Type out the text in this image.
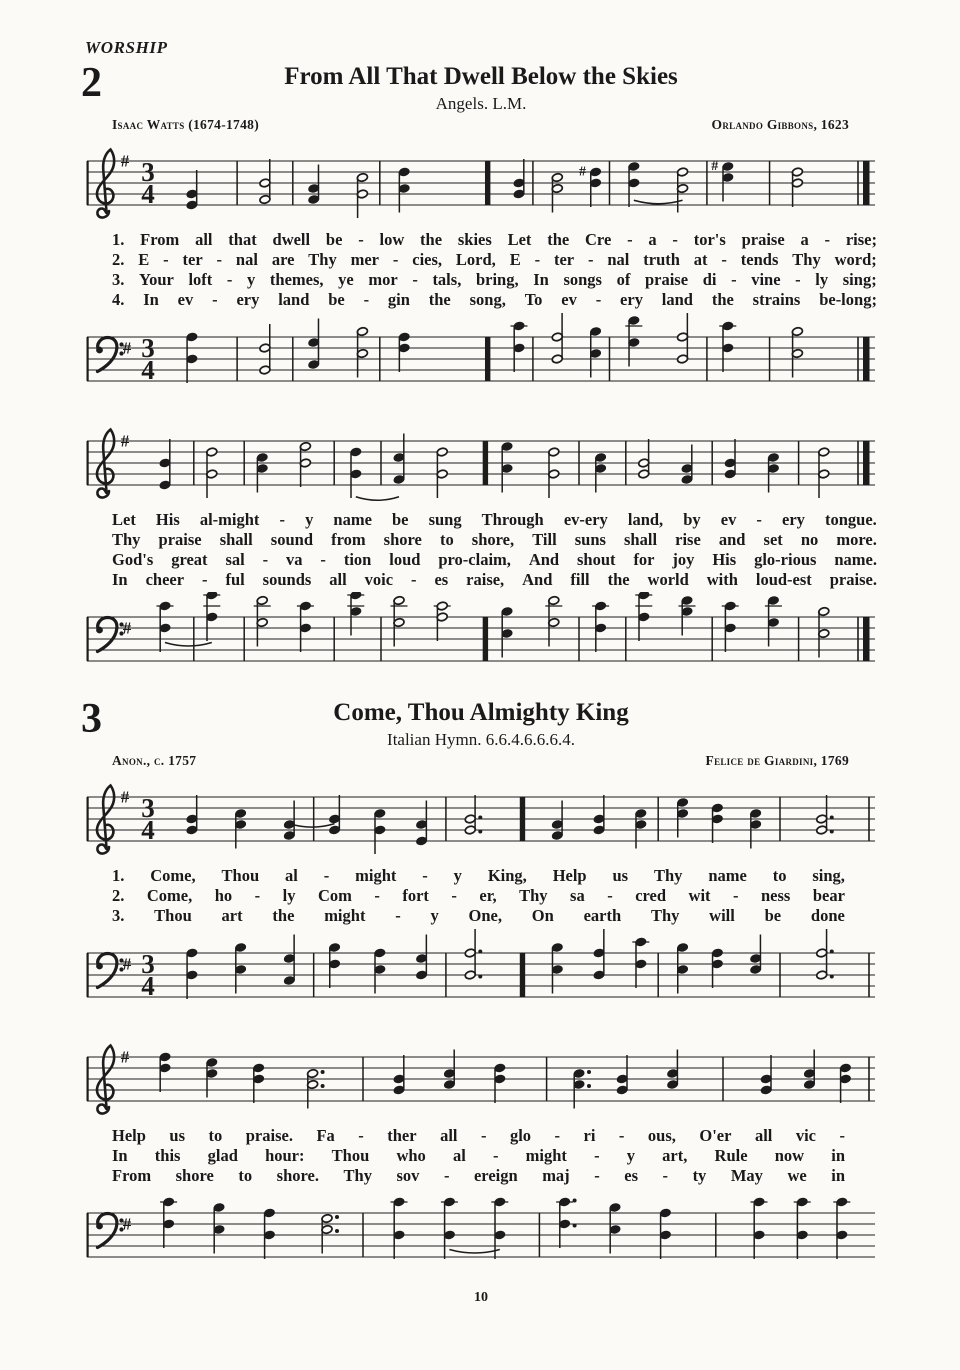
WORSHIP
2	From All That Dwell Below the Skies
Angels. L.M.
Isaac Watts (1674-1748)	Orlando Gibbons, 1623
# 3
4
#	#
1. From all that dwell be - low the skies Let the Cre - a - tor's praise a - rise;
2. E - ter - nal are Thy mer - cies, Lord, E - ter - nal truth at - tends Thy word;
3. Your loft - y themes, ye mor - tals, bring, In songs of praise di - vine - ly sing;
4. In ev - ery land be - gin the song, To ev - ery land the strains be-long;
# 3
4
#
Let His al-might - y name be sung Through ev-ery land, by ev - ery tongue.
Thy praise shall sound from shore to shore, Till suns shall rise and set no more.
God's great sal - va - tion loud pro-claim, And shout for joy His glo-rious name.
In cheer - ful sounds all voic - es raise, And fill the world with loud-est praise.
#
3	Come, Thou Almighty King
Italian Hymn. 6.6.4.6.6.6.4.
Anon., c. 1757	Felice de Giardini, 1769
# 3
4
1. Come, Thou al - might - y King, Help us Thy name to sing,
2. Come, ho - ly Com - fort - er, Thy sa - cred wit - ness bear
3. Thou art the might - y One, On earth Thy will be done
# 3
4
#
Help us to praise. Fa - ther all - glo - ri - ous, O'er all vic -
In this glad hour: Thou who al - might - y art, Rule now in
From shore to shore. Thy sov - ereign maj - es - ty May we in
#
10
